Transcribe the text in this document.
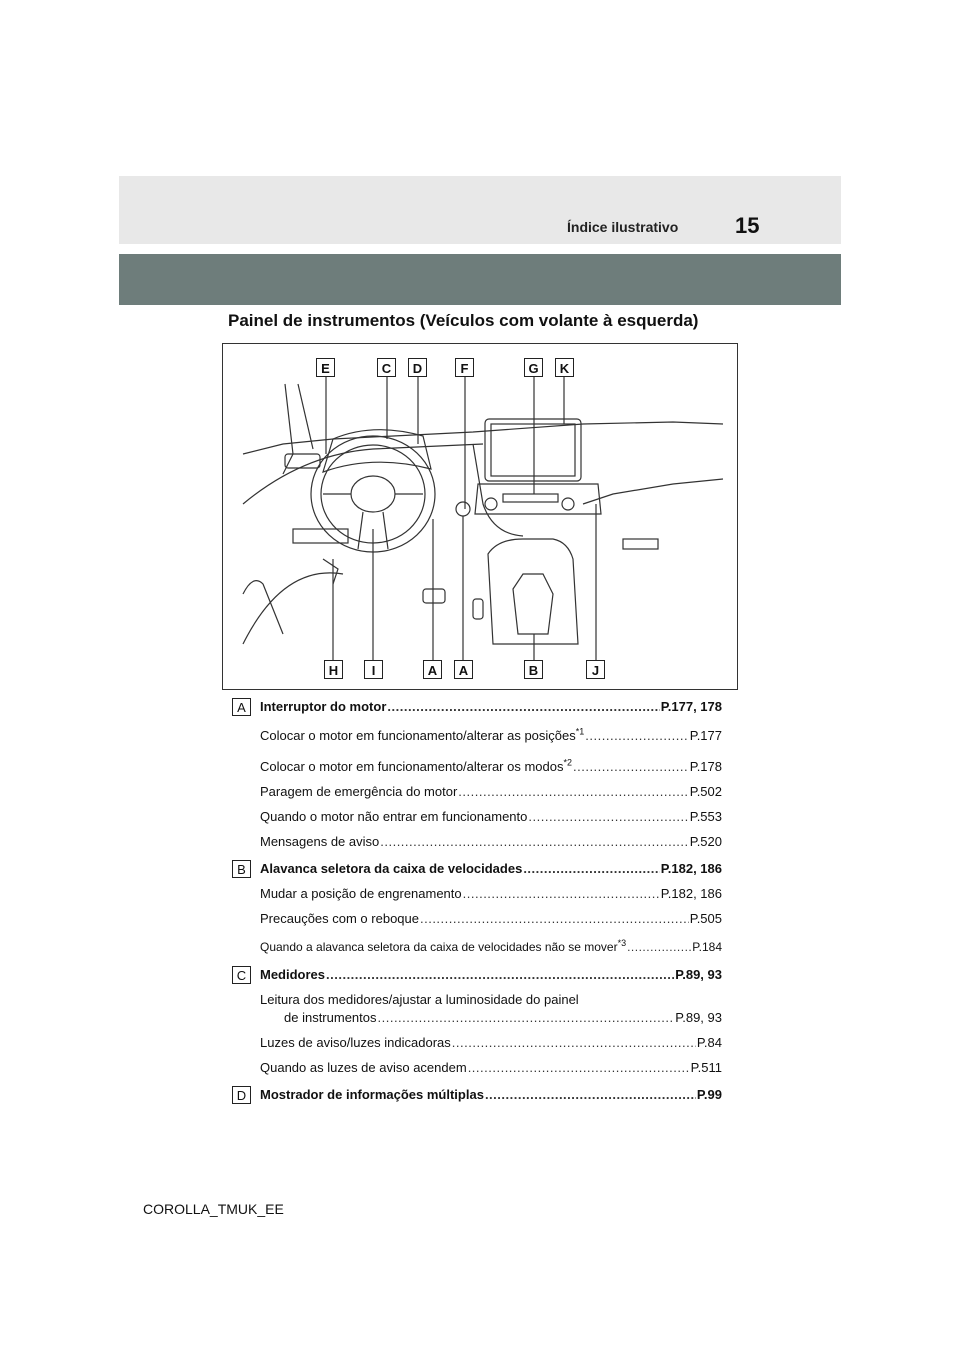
Índice ilustrativo	15
Painel de instrumentos (Veículos com volante à esquerda)
E	C	D	F	G	K
H	I	A	A	B	J
A	Interruptor do motor .....	P.177, 178
Colocar o motor em funcionamento/alterar as posições$^{*1}$ .....	P.177
Colocar o motor em funcionamento/alterar os modos$^{*2}$ .....	P.178
Paragem de emergência do motor .....	P.502
Quando o motor não entrar em funcionamento .....	P.553
Mensagens de aviso .....	P.520
B	Alavanca seletora da caixa de velocidades .....	P.182, 186
Mudar a posição de engrenamento .....	P.182, 186
Precauções com o reboque .....	P.505
Quando a alavanca seletora da caixa de velocidades não se mover$^{*3}$ .....	P.184
C	Medidores .....	P.89, 93
Leitura dos medidores/ajustar a luminosidade do painel
de instrumentos .....	P.89, 93
Luzes de aviso/luzes indicadoras .....	P.84
Quando as luzes de aviso acendem .....	P.511
D	Mostrador de informações múltiplas .....	P.99
COROLLA_TMUK_EE
